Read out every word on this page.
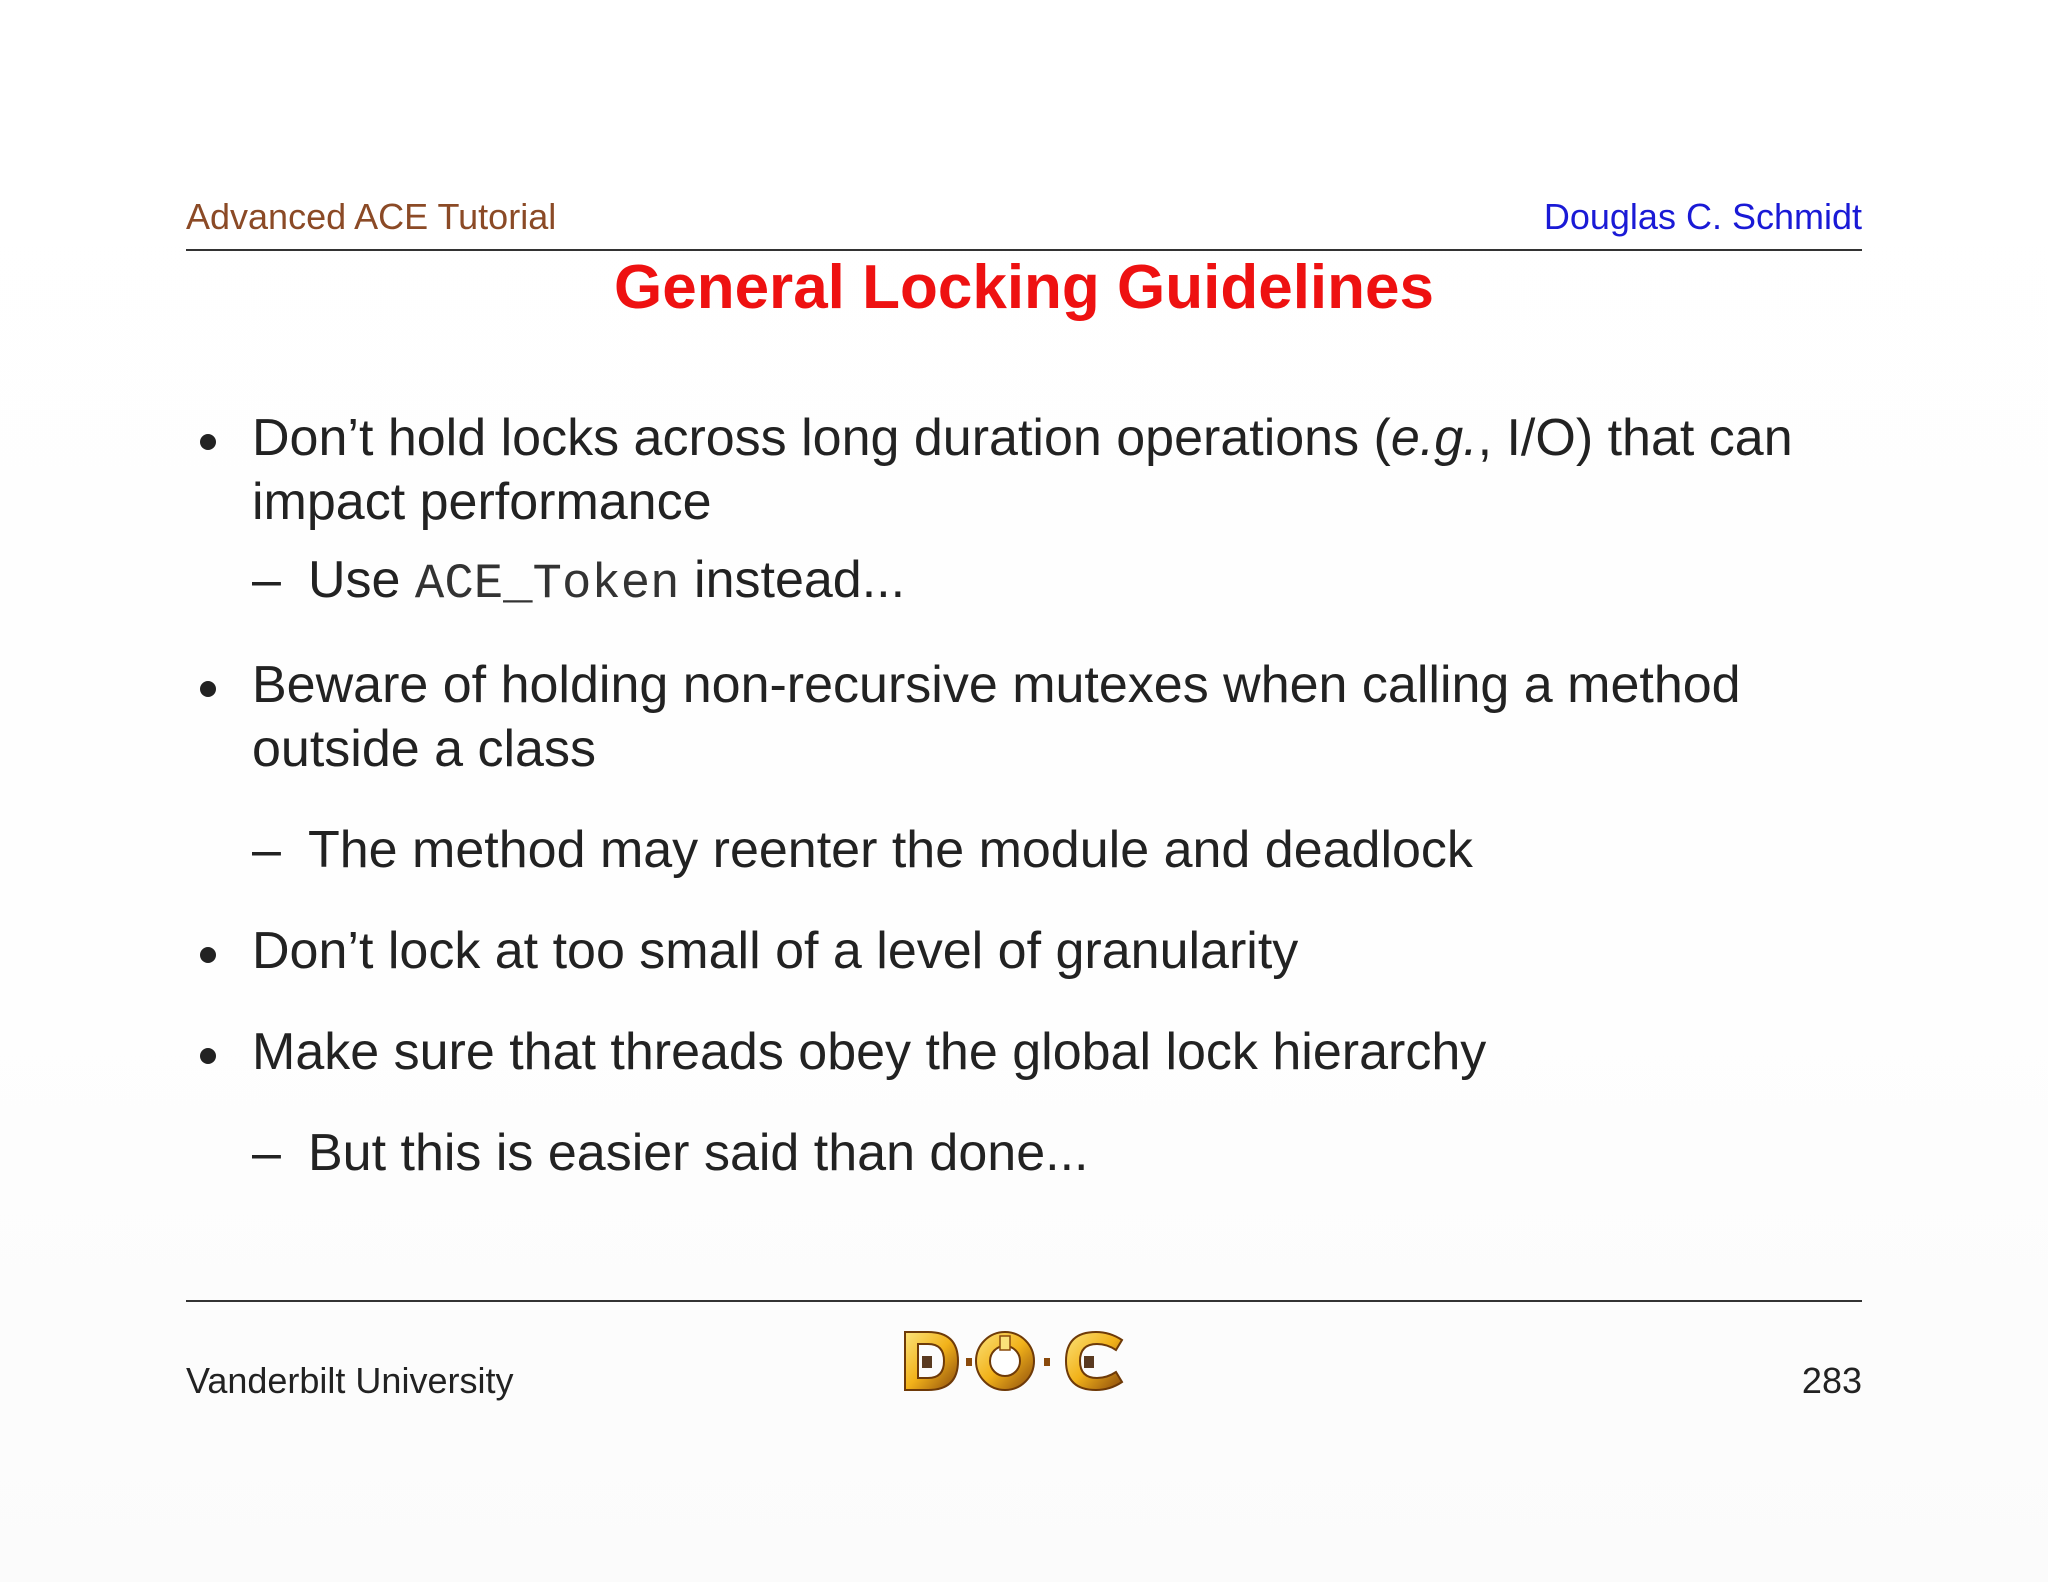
Advanced ACE Tutorial	Douglas C. Schmidt
General Locking Guidelines
Don’t hold locks across long duration operations (e.g., I/O) that can impact performance
– Use ACE_Token instead...
Beware of holding non-recursive mutexes when calling a method outside a class
– The method may reenter the module and deadlock
Don’t lock at too small of a level of granularity
Make sure that threads obey the global lock hierarchy
– But this is easier said than done...
Vanderbilt University	283
